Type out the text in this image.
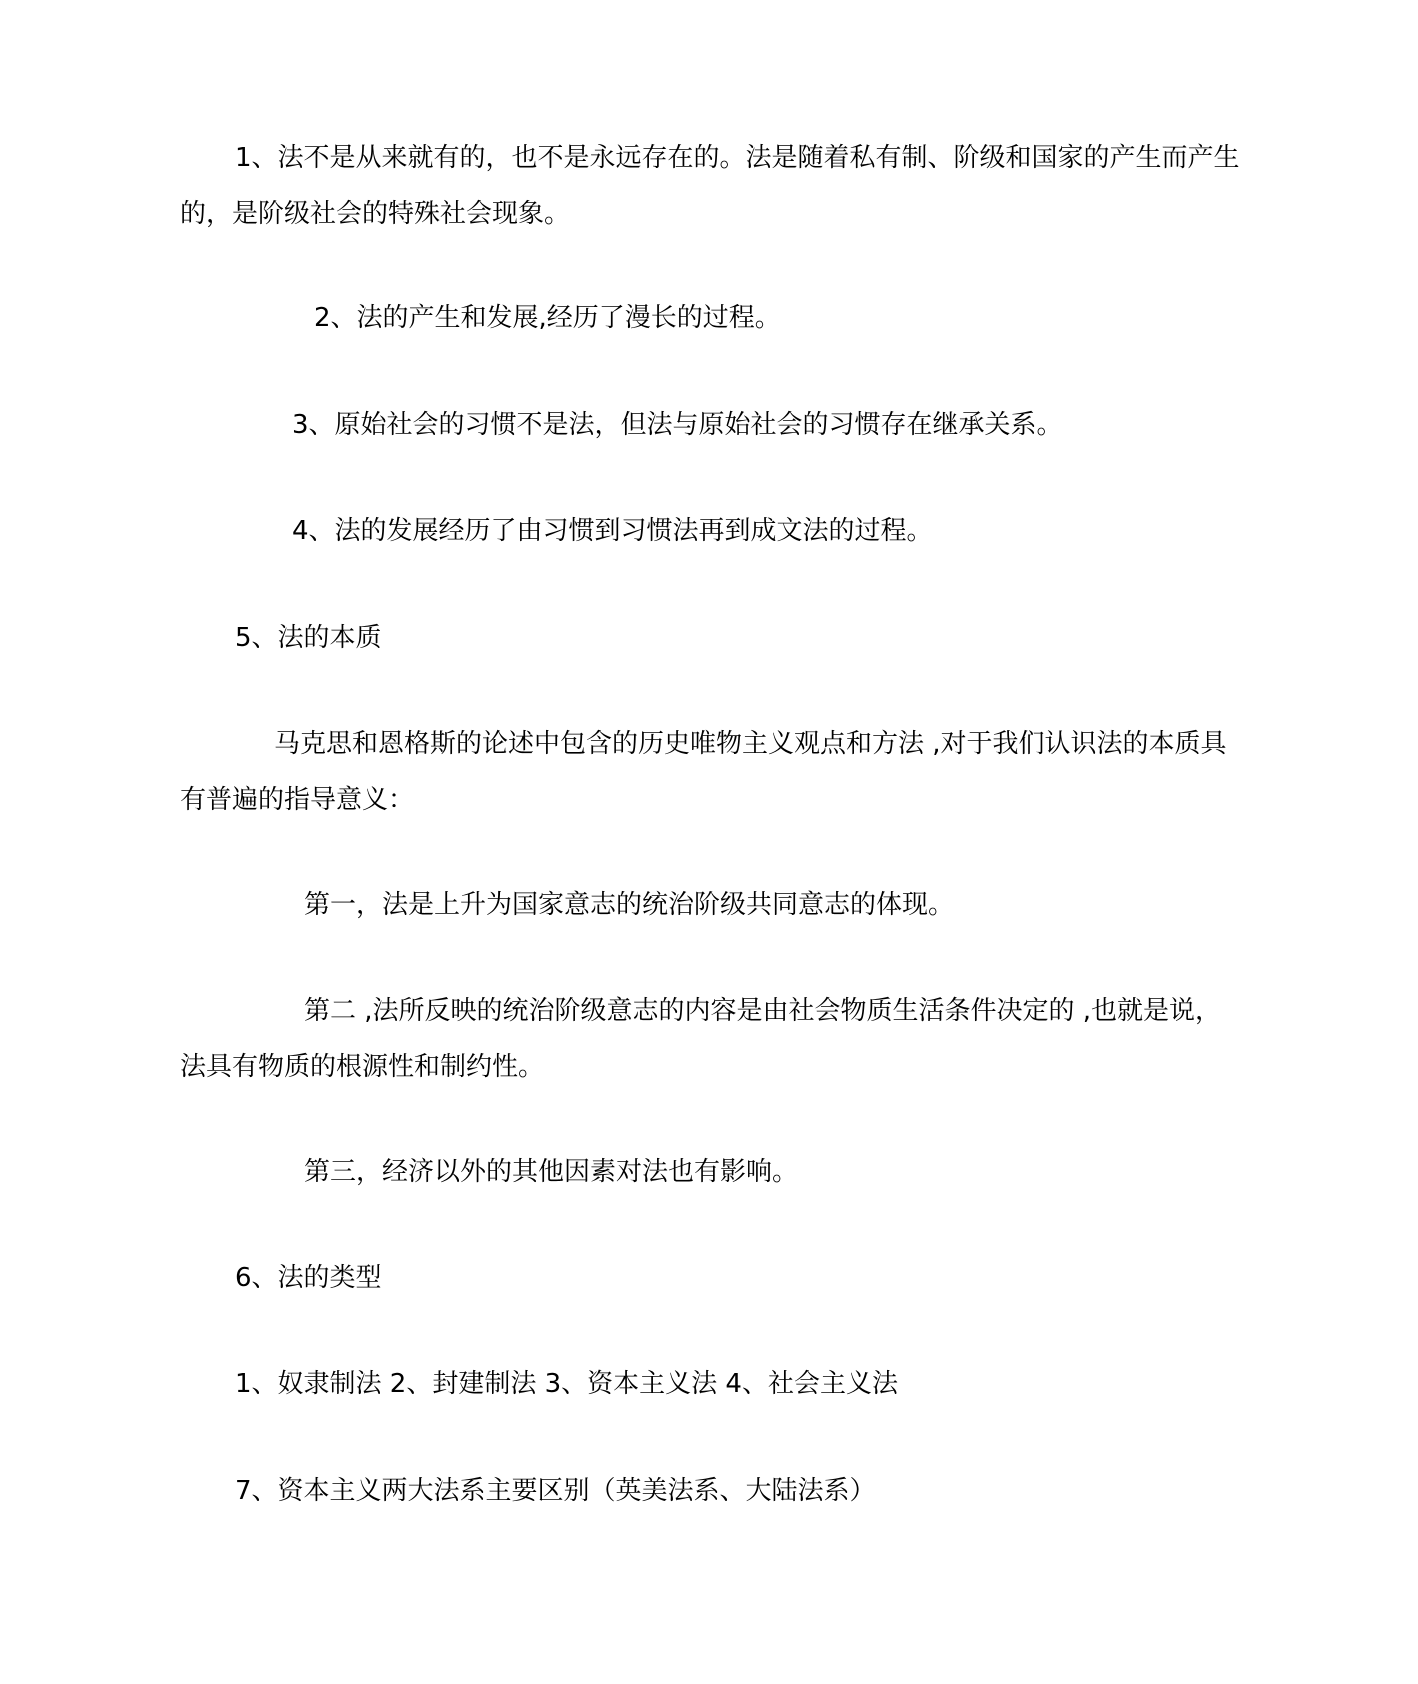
1、法不是从来就有的，也不是永远存在的。法是随着私有制、阶级和国家的产生而产生的，是阶级社会的特殊社会现象。

2、法的产生和发展,经历了漫长的过程。

3、原始社会的习惯不是法，但法与原始社会的习惯存在继承关系。

4、法的发展经历了由习惯到习惯法再到成文法的过程。

5、法的本质

马克思和恩格斯的论述中包含的历史唯物主义观点和方法 ,对于我们认识法的本质具有普遍的指导意义：

第一，法是上升为国家意志的统治阶级共同意志的体现。

第二 ,法所反映的统治阶级意志的内容是由社会物质生活条件决定的 ,也就是说，法具有物质的根源性和制约性。

第三，经济以外的其他因素对法也有影响。

6、法的类型

1、奴隶制法 2、封建制法 3、资本主义法 4、社会主义法

7、资本主义两大法系主要区别（英美法系、大陆法系）
